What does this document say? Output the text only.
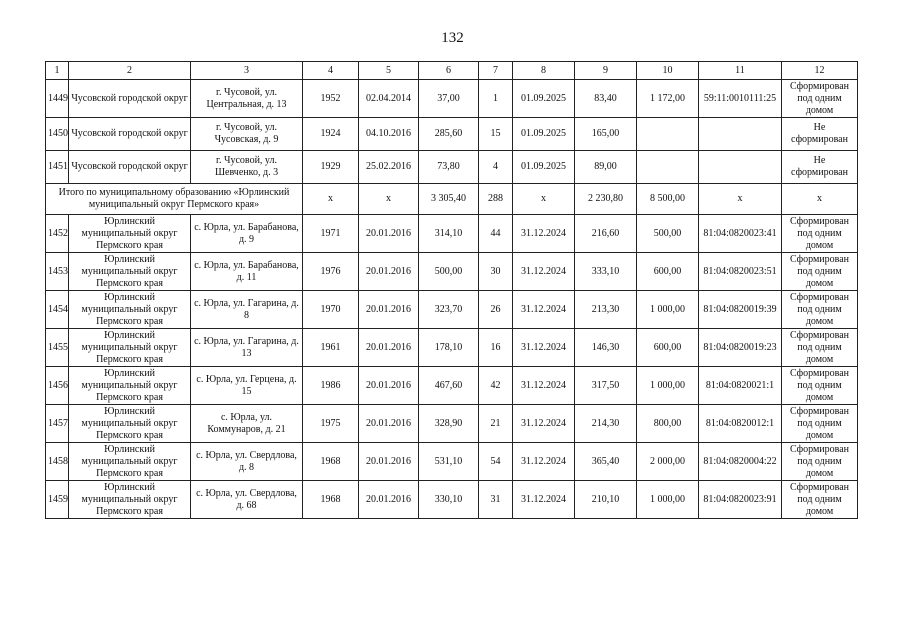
132
1	2	3	4	5	6	7	8	9	10	11	12
1449	Чусовской городской округ	г. Чусовой, ул. Центральная, д. 13	1952	02.04.2014	37,00	1	01.09.2025	83,40	1 172,00	59:11:0010111:25	Сформирован под одним домом
1450	Чусовской городской округ	г. Чусовой, ул. Чусовская, д. 9	1924	04.10.2016	285,60	15	01.09.2025	165,00			Не сформирован
1451	Чусовской городской округ	г. Чусовой, ул. Шевченко, д. 3	1929	25.02.2016	73,80	4	01.09.2025	89,00			Не сформирован
Итого по муниципальному образованию «Юрлинский муниципальный округ Пермского края»			х	х	3 305,40	288	х	2 230,80	8 500,00	х	х
1452	Юрлинский муниципальный округ Пермского края	с. Юрла, ул. Барабанова, д. 9	1971	20.01.2016	314,10	44	31.12.2024	216,60	500,00	81:04:0820023:41	Сформирован под одним домом
1453	Юрлинский муниципальный округ Пермского края	с. Юрла, ул. Барабанова, д. 11	1976	20.01.2016	500,00	30	31.12.2024	333,10	600,00	81:04:0820023:51	Сформирован под одним домом
1454	Юрлинский муниципальный округ Пермского края	с. Юрла, ул. Гагарина, д. 8	1970	20.01.2016	323,70	26	31.12.2024	213,30	1 000,00	81:04:0820019:39	Сформирован под одним домом
1455	Юрлинский муниципальный округ Пермского края	с. Юрла, ул. Гагарина, д. 13	1961	20.01.2016	178,10	16	31.12.2024	146,30	600,00	81:04:0820019:23	Сформирован под одним домом
1456	Юрлинский муниципальный округ Пермского края	с. Юрла, ул. Герцена, д. 15	1986	20.01.2016	467,60	42	31.12.2024	317,50	1 000,00	81:04:0820021:1	Сформирован под одним домом
1457	Юрлинский муниципальный округ Пермского края	с. Юрла, ул. Коммунаров, д. 21	1975	20.01.2016	328,90	21	31.12.2024	214,30	800,00	81:04:0820012:1	Сформирован под одним домом
1458	Юрлинский муниципальный округ Пермского края	с. Юрла, ул. Свердлова, д. 8	1968	20.01.2016	531,10	54	31.12.2024	365,40	2 000,00	81:04:0820004:22	Сформирован под одним домом
1459	Юрлинский муниципальный округ Пермского края	с. Юрла, ул. Свердлова, д. 68	1968	20.01.2016	330,10	31	31.12.2024	210,10	1 000,00	81:04:0820023:91	Сформирован под одним домом
